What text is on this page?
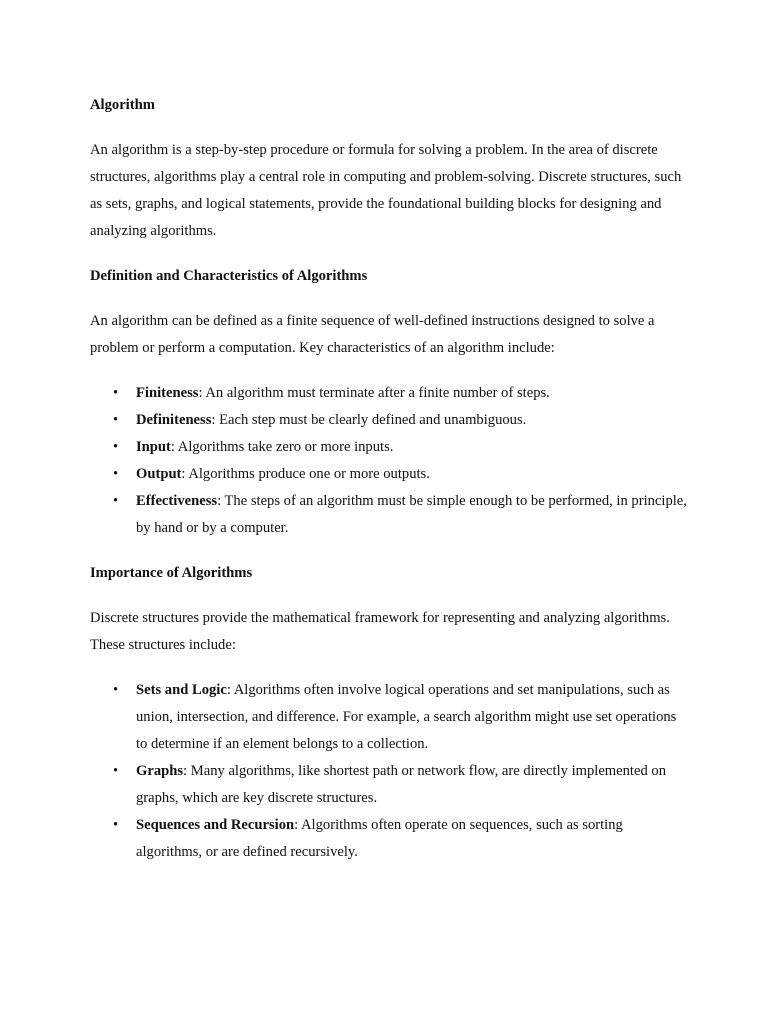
Algorithm
An algorithm is a step-by-step procedure or formula for solving a problem. In the area of discrete structures, algorithms play a central role in computing and problem-solving. Discrete structures, such as sets, graphs, and logical statements, provide the foundational building blocks for designing and analyzing algorithms.
Definition and Characteristics of Algorithms
An algorithm can be defined as a finite sequence of well-defined instructions designed to solve a problem or perform a computation. Key characteristics of an algorithm include:
• Finiteness: An algorithm must terminate after a finite number of steps.
• Definiteness: Each step must be clearly defined and unambiguous.
• Input: Algorithms take zero or more inputs.
• Output: Algorithms produce one or more outputs.
• Effectiveness: The steps of an algorithm must be simple enough to be performed, in principle, by hand or by a computer.
Importance of Algorithms
Discrete structures provide the mathematical framework for representing and analyzing algorithms. These structures include:
• Sets and Logic: Algorithms often involve logical operations and set manipulations, such as union, intersection, and difference. For example, a search algorithm might use set operations to determine if an element belongs to a collection.
• Graphs: Many algorithms, like shortest path or network flow, are directly implemented on graphs, which are key discrete structures.
• Sequences and Recursion: Algorithms often operate on sequences, such as sorting algorithms, or are defined recursively.
